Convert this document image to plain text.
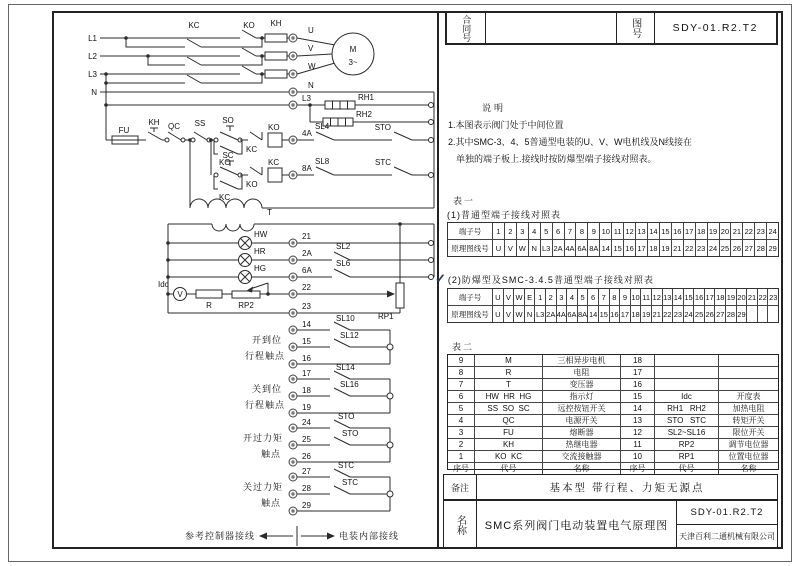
L1
L2
L3
N
KC	KO KH
M
3~
U
V
W
N
L3	RH1
RH2
FU
KH QC SS SO
KO
KC
KO
4A
SL4	STO
SC
KC
KO
KC
8A
SL8	STC
T
HW	21
HR	2A
SL2
HG	6A
SL6
V
Idc
R	RP2
22
RP1
23
14
15
16
SL10
SL12
开到位
行程触点
17
18
19
SL14
SL16
关到位
行程触点
24
25
26
STO
STO
开过力矩
触点
27
28
29
STC
STC
关过力矩
触点
参考控制器接线	电装内部接线
合同号	图号	SDY-01.R2.T2
说明
1.本图表示阀门处于中间位置
2.其中SMC-3、4、5普通型电装的U、V、W电机线及N线接在
单独的端子板上.接线时按防爆型端子接线对照表。
表一
(1)普通型端子接线对照表
端子号	1	2	3	4	5	6	7	8	9 10 11 12 13 14 15 16 17 18 19 20 21 22 23 24
原理图线号 U V W N L3 2A 4A 6A 8A 14 15 16 17 18 19 21 22 23 24 25 26 27 28 29
✓ (2)防爆型及SMC-3.4.5普通型端子接线对照表
端子号	U V W E 1 2 3 4 5 6 7 8 9 10 11 12 13 14 15 16 17 18 19 20 21 22 23
原理图线号 U V W N L3 2A 4A 6A 8A 14 15 16 17 18 19 21 22 23 24 25 26 27 28 29
表二
9	M	三相异步电机	18
8	R	电阻	17
7	T	变压器	16
6	HW  HR  HG	指示灯	15	Idc	开度表
5	SS  SO  SC	远控按钮开关	14	RH1   RH2	加热电阻
4	QC	电源开关	13	STO   STC	转矩开关
3	FU	熔断器	12	SL2~SL16	限位开关
2	KH	热继电器	11	RP2	调节电位器
1	KO  KC	交流接触器	10	RP1	位置电位器
序号	代号	名称	序号	代号	名称
备注	基本型 带行程、力矩无源点
名称	SMC系列阀门电动装置电气原理图
SDY-01.R2.T2
天津百利二通机械有限公司
